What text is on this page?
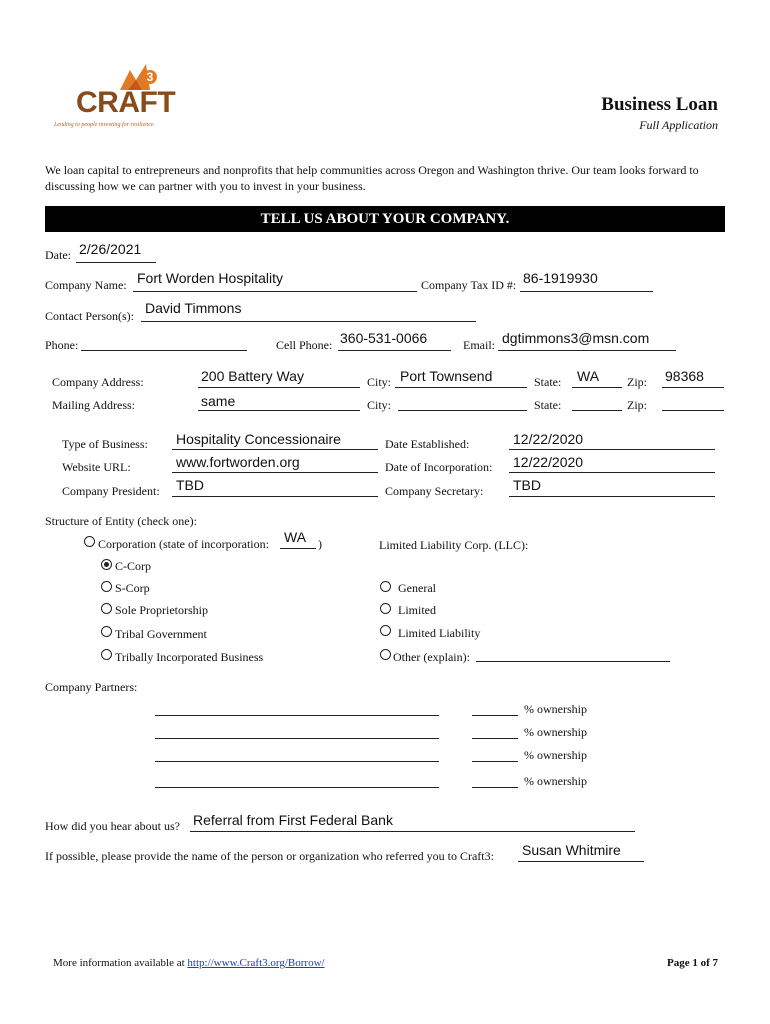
3
CRAFT
Lending to people investing for resilience
Business Loan
Full Application
We loan capital to entrepreneurs and nonprofits that help communities across Oregon and Washington thrive. Our team looks forward to discussing how we can partner with you to invest in your business.
TELL US ABOUT YOUR COMPANY.
Date: 2/26/2021
Company Name: Fort Worden Hospitality	Company Tax ID #: 86-1919930
Contact Person(s): David Timmons
Phone:	Cell Phone: 360-531-0066	Email: dgtimmons3@msn.com
Company Address:	200 Battery Way	City: Port Townsend	State: WA Zip: 98368
Mailing Address:	same	City:	State:	Zip:
Type of Business: Hospitality Concessionaire	Date Established:	12/22/2020
Website URL:	www.fortworden.org	Date of Incorporation: 12/22/2020
Company President: TBD	Company Secretary: TBD
Structure of Entity (check one):
Corporation (state of incorporation: WA )	Limited Liability Corp. (LLC):
C-Corp
S-Corp
Sole Proprietorship
Tribal Government
Tribally Incorporated Business
General
Limited
Limited Liability
Other (explain):
Company Partners:
% ownership
% ownership
% ownership
% ownership
How did you hear about us? Referral from First Federal Bank
If possible, please provide the name of the person or organization who referred you to Craft3: Susan Whitmire
More information available at http://www.Craft3.org/Borrow/	Page 1 of 7
